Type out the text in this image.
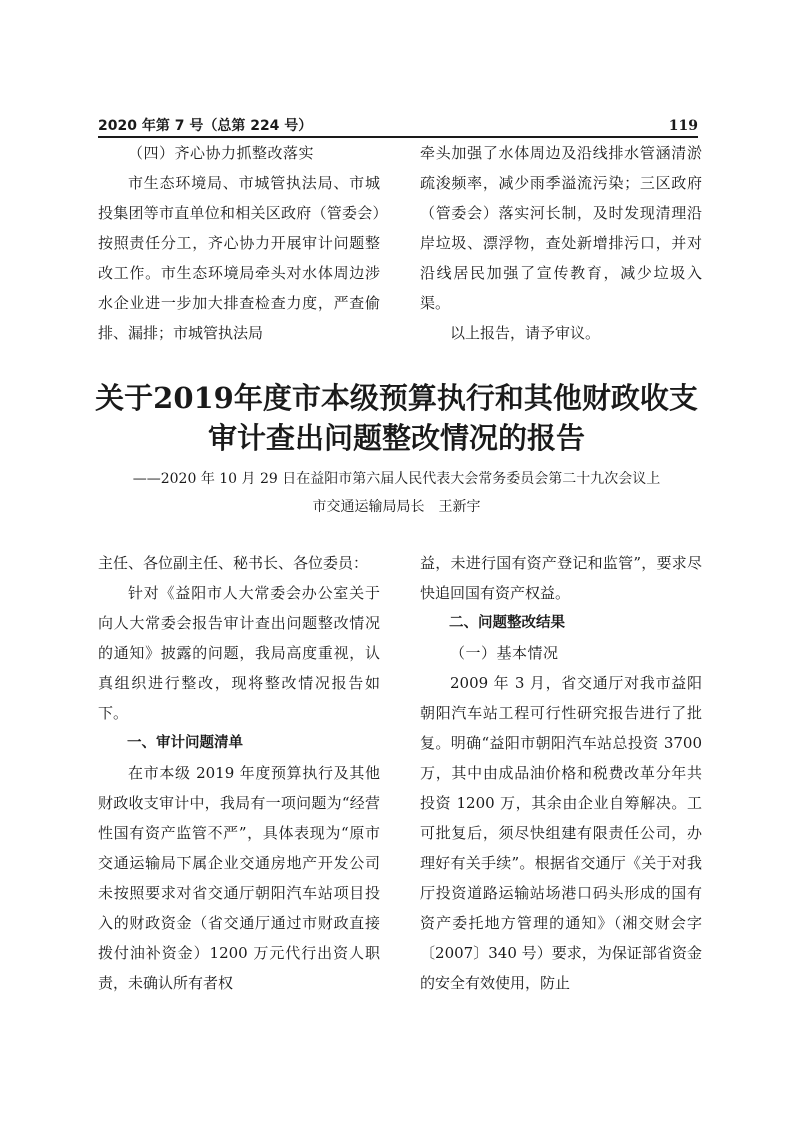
2020 年第 7 号（总第 224 号）	119

（四）齐心协力抓整改落实

市生态环境局、市城管执法局、市城投集团等市直单位和相关区政府（管委会）按照责任分工，齐心协力开展审计问题整改工作。市生态环境局牵头对水体周边涉水企业进一步加大排查检查力度，严查偷排、漏排；市城管执法局

牵头加强了水体周边及沿线排水管涵清淤疏浚频率，减少雨季溢流污染；三区政府（管委会）落实河长制，及时发现清理沿岸垃圾、漂浮物，查处新增排污口，并对沿线居民加强了宣传教育，减少垃圾入渠。

以上报告，请予审议。

关于2019年度市本级预算执行和其他财政收支
审计查出问题整改情况的报告
——2020 年 10 月 29 日在益阳市第六届人民代表大会常务委员会第二十九次会议上
市交通运输局局长　王新宇

主任、各位副主任、秘书长、各位委员：

针对《益阳市人大常委会办公室关于向人大常委会报告审计查出问题整改情况的通知》披露的问题，我局高度重视，认真组织进行整改，现将整改情况报告如下。

一、审计问题清单

在市本级 2019 年度预算执行及其他财政收支审计中，我局有一项问题为“经营性国有资产监管不严”，具体表现为“原市交通运输局下属企业交通房地产开发公司未按照要求对省交通厅朝阳汽车站项目投入的财政资金（省交通厅通过市财政直接拨付油补资金）1200 万元代行出资人职责，未确认所有者权

益，未进行国有资产登记和监管”，要求尽快追回国有资产权益。

二、问题整改结果

（一）基本情况

2009 年 3 月，省交通厅对我市益阳朝阳汽车站工程可行性研究报告进行了批复。明确“益阳市朝阳汽车站总投资 3700 万，其中由成品油价格和税费改革分年共投资 1200 万，其余由企业自筹解决。工可批复后，须尽快组建有限责任公司，办理好有关手续”。根据省交通厅《关于对我厅投资道路运输站场港口码头形成的国有资产委托地方管理的通知》（湘交财会字〔2007〕340 号）要求，为保证部省资金的安全有效使用，防止
